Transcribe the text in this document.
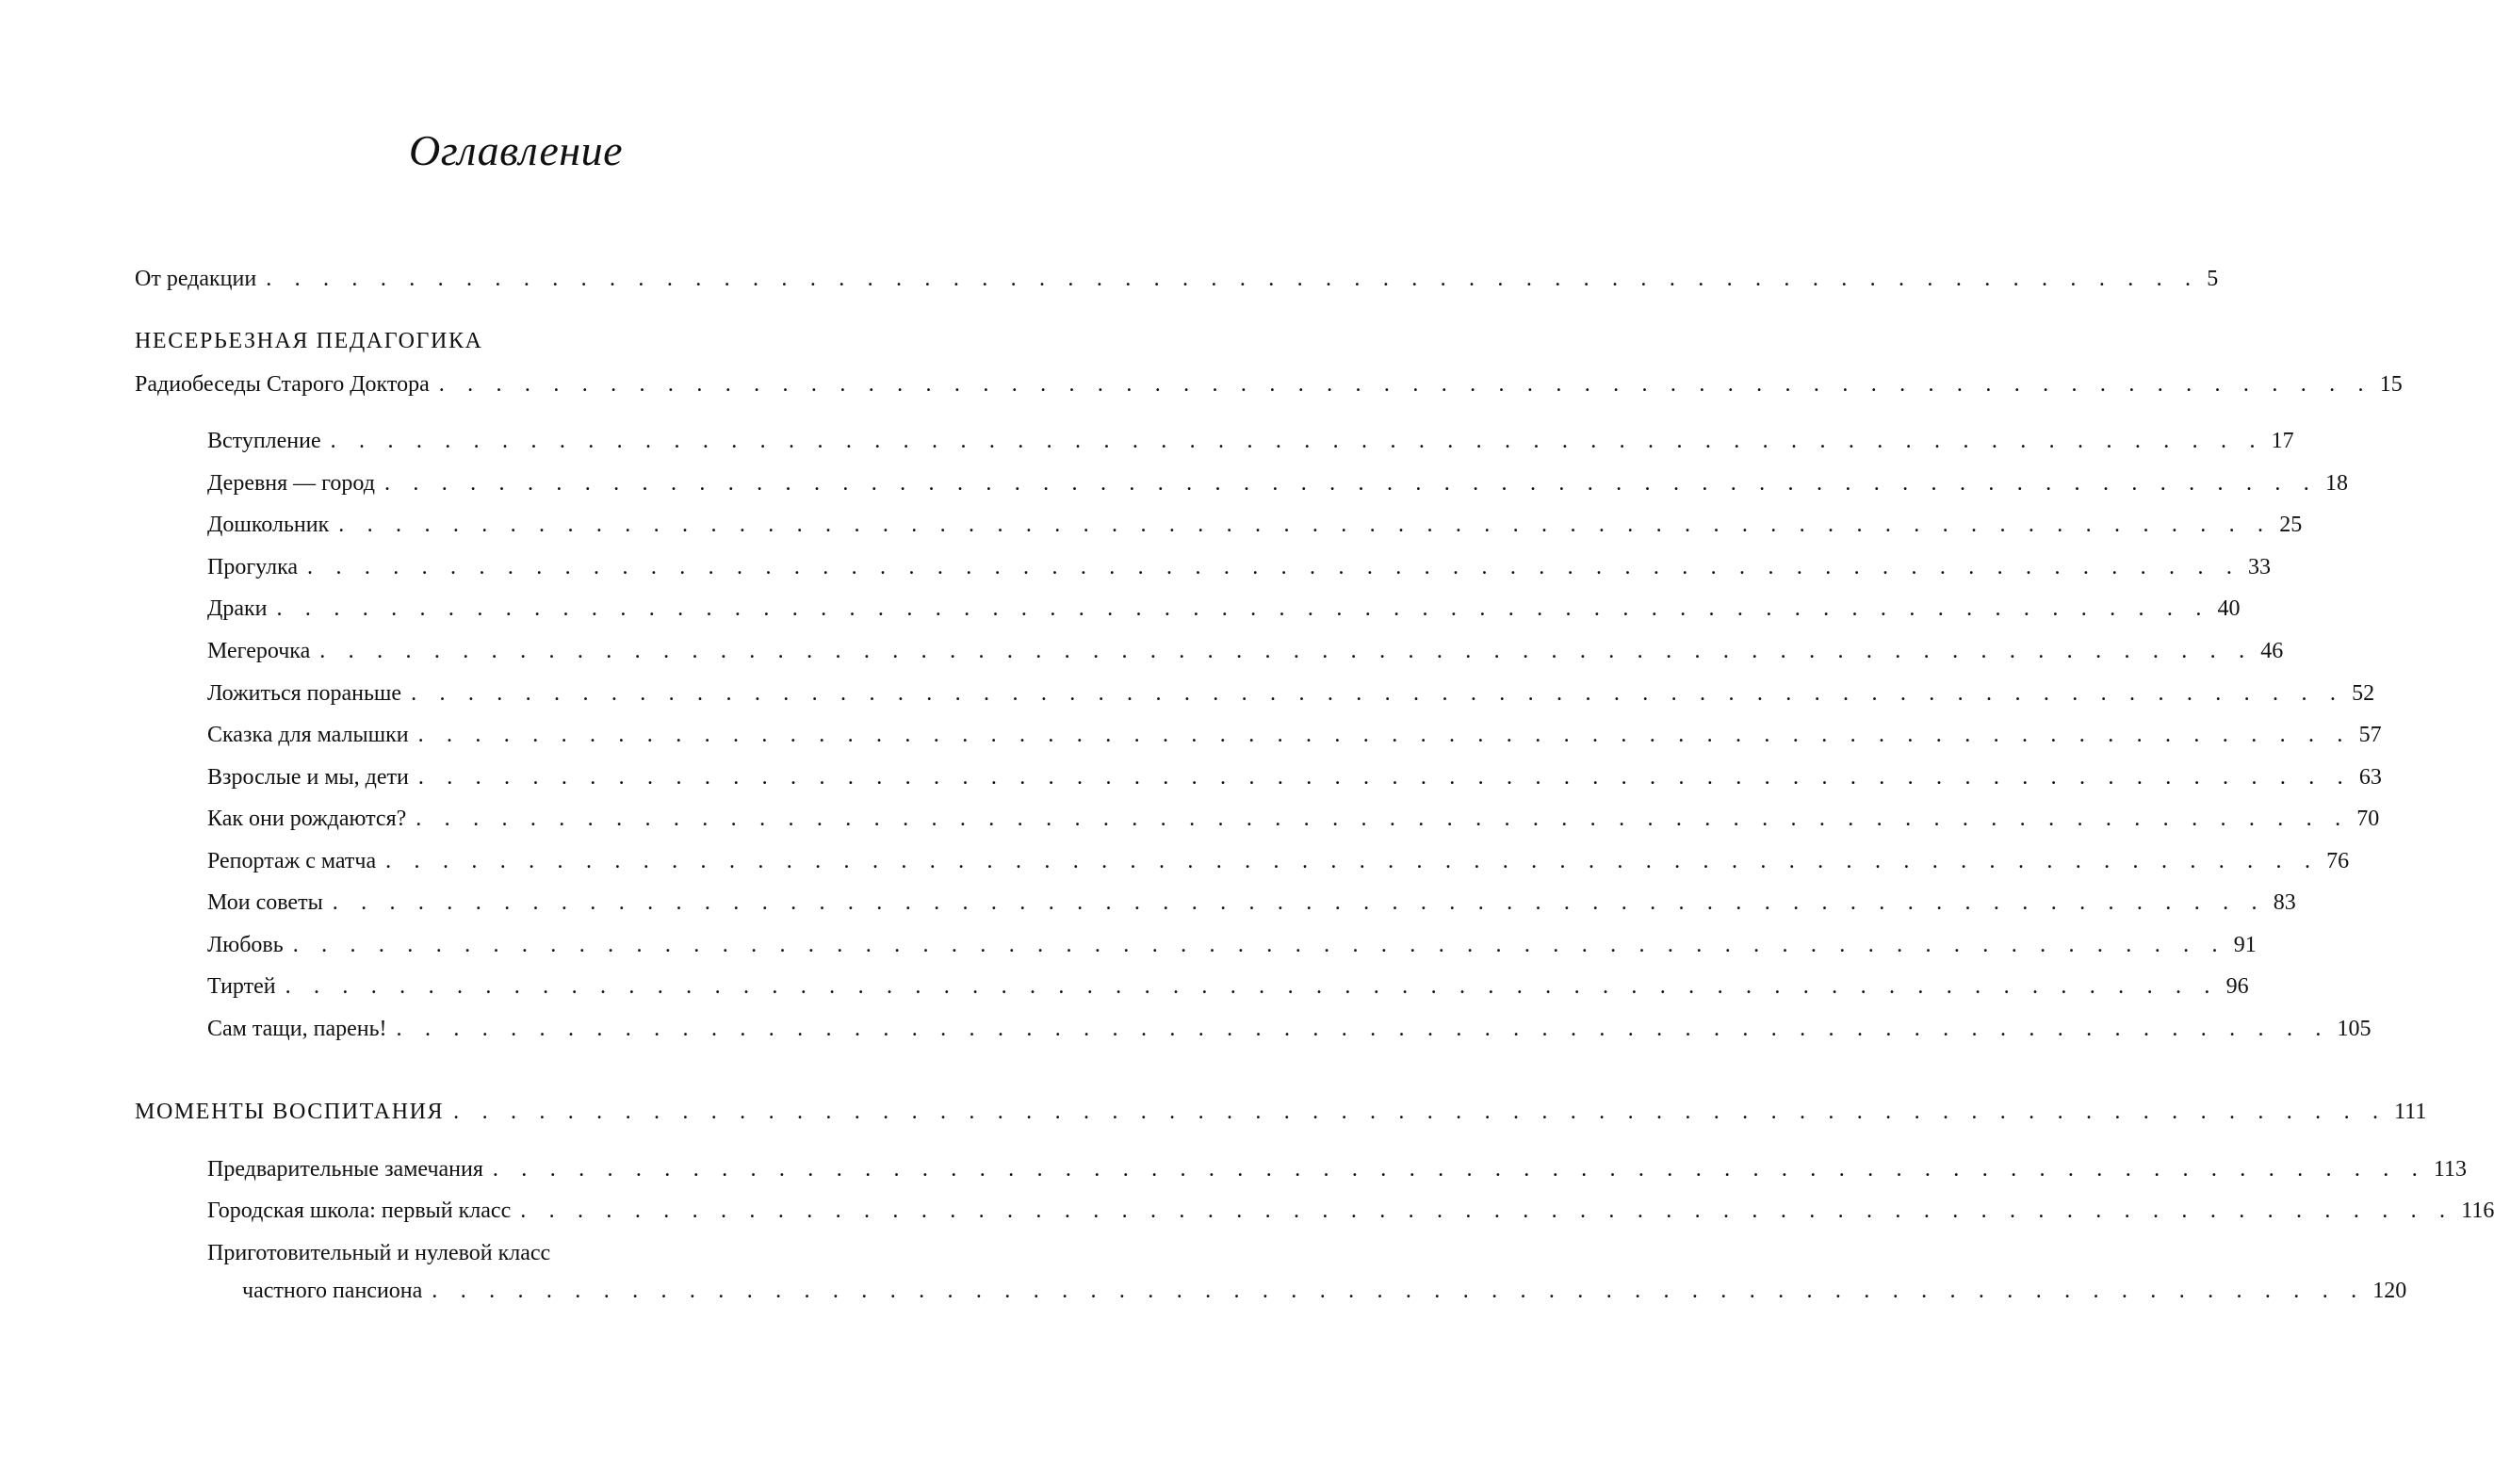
Оглавление
От редакции . . . . . . . . . . . . . . . . . . . . . . . . . . . . . . . . . . . . . . . . . . . . . . . . . . . . . . . . . . . . . . . . . . . . 5
НЕСЕРЬЕЗНАЯ ПЕДАГОГИКА
Радиобеседы Старого Доктора . . . . . . . . . . . . . . . . . . . . . . . . . . . . . . . . . . . . . . . . . . . . . . . . . . . . . . . . . . . . . . . . . . . . 15
Вступление . . . . . . . . . . . . . . . . . . . . . . . . . . . . . . . . . . . . . . . . . . . . . . . . . . . . . . . . . . . . . . . . . . . . 17
Деревня — город . . . . . . . . . . . . . . . . . . . . . . . . . . . . . . . . . . . . . . . . . . . . . . . . . . . . . . . . . . . . . . . . . . . . 18
Дошкольник . . . . . . . . . . . . . . . . . . . . . . . . . . . . . . . . . . . . . . . . . . . . . . . . . . . . . . . . . . . . . . . . . . . . 25
Прогулка . . . . . . . . . . . . . . . . . . . . . . . . . . . . . . . . . . . . . . . . . . . . . . . . . . . . . . . . . . . . . . . . . . . . 33
Драки . . . . . . . . . . . . . . . . . . . . . . . . . . . . . . . . . . . . . . . . . . . . . . . . . . . . . . . . . . . . . . . . . . . . 40
Мегерочка . . . . . . . . . . . . . . . . . . . . . . . . . . . . . . . . . . . . . . . . . . . . . . . . . . . . . . . . . . . . . . . . . . . . 46
Ложиться пораньше . . . . . . . . . . . . . . . . . . . . . . . . . . . . . . . . . . . . . . . . . . . . . . . . . . . . . . . . . . . . . . . . . . . . 52
Сказка для малышки . . . . . . . . . . . . . . . . . . . . . . . . . . . . . . . . . . . . . . . . . . . . . . . . . . . . . . . . . . . . . . . . . . . . 57
Взрослые и мы, дети . . . . . . . . . . . . . . . . . . . . . . . . . . . . . . . . . . . . . . . . . . . . . . . . . . . . . . . . . . . . . . . . . . . . 63
Как они рождаются? . . . . . . . . . . . . . . . . . . . . . . . . . . . . . . . . . . . . . . . . . . . . . . . . . . . . . . . . . . . . . . . . . . . . 70
Репортаж с матча . . . . . . . . . . . . . . . . . . . . . . . . . . . . . . . . . . . . . . . . . . . . . . . . . . . . . . . . . . . . . . . . . . . . 76
Мои советы . . . . . . . . . . . . . . . . . . . . . . . . . . . . . . . . . . . . . . . . . . . . . . . . . . . . . . . . . . . . . . . . . . . . 83
Любовь . . . . . . . . . . . . . . . . . . . . . . . . . . . . . . . . . . . . . . . . . . . . . . . . . . . . . . . . . . . . . . . . . . . . 91
Тиртей . . . . . . . . . . . . . . . . . . . . . . . . . . . . . . . . . . . . . . . . . . . . . . . . . . . . . . . . . . . . . . . . . . . . 96
Сам тащи, парень! . . . . . . . . . . . . . . . . . . . . . . . . . . . . . . . . . . . . . . . . . . . . . . . . . . . . . . . . . . . . . . . . . . . . 105
МОМЕНТЫ ВОСПИТАНИЯ . . . . . . . . . . . . . . . . . . . . . . . . . . . . . . . . . . . . . . . . . . . . . . . . . . . . . . . . . . . . . . . . . . . . 111
Предварительные замечания . . . . . . . . . . . . . . . . . . . . . . . . . . . . . . . . . . . . . . . . . . . . . . . . . . . . . . . . . . . . . . . . . . . . 113
Городская школа: первый класс . . . . . . . . . . . . . . . . . . . . . . . . . . . . . . . . . . . . . . . . . . . . . . . . . . . . . . . . . . . . . . . . . . . . 116
Приготовительный и нулевой класс
частного пансиона . . . . . . . . . . . . . . . . . . . . . . . . . . . . . . . . . . . . . . . . . . . . . . . . . . . . . . . . . . . . . . . . . . . . 120
